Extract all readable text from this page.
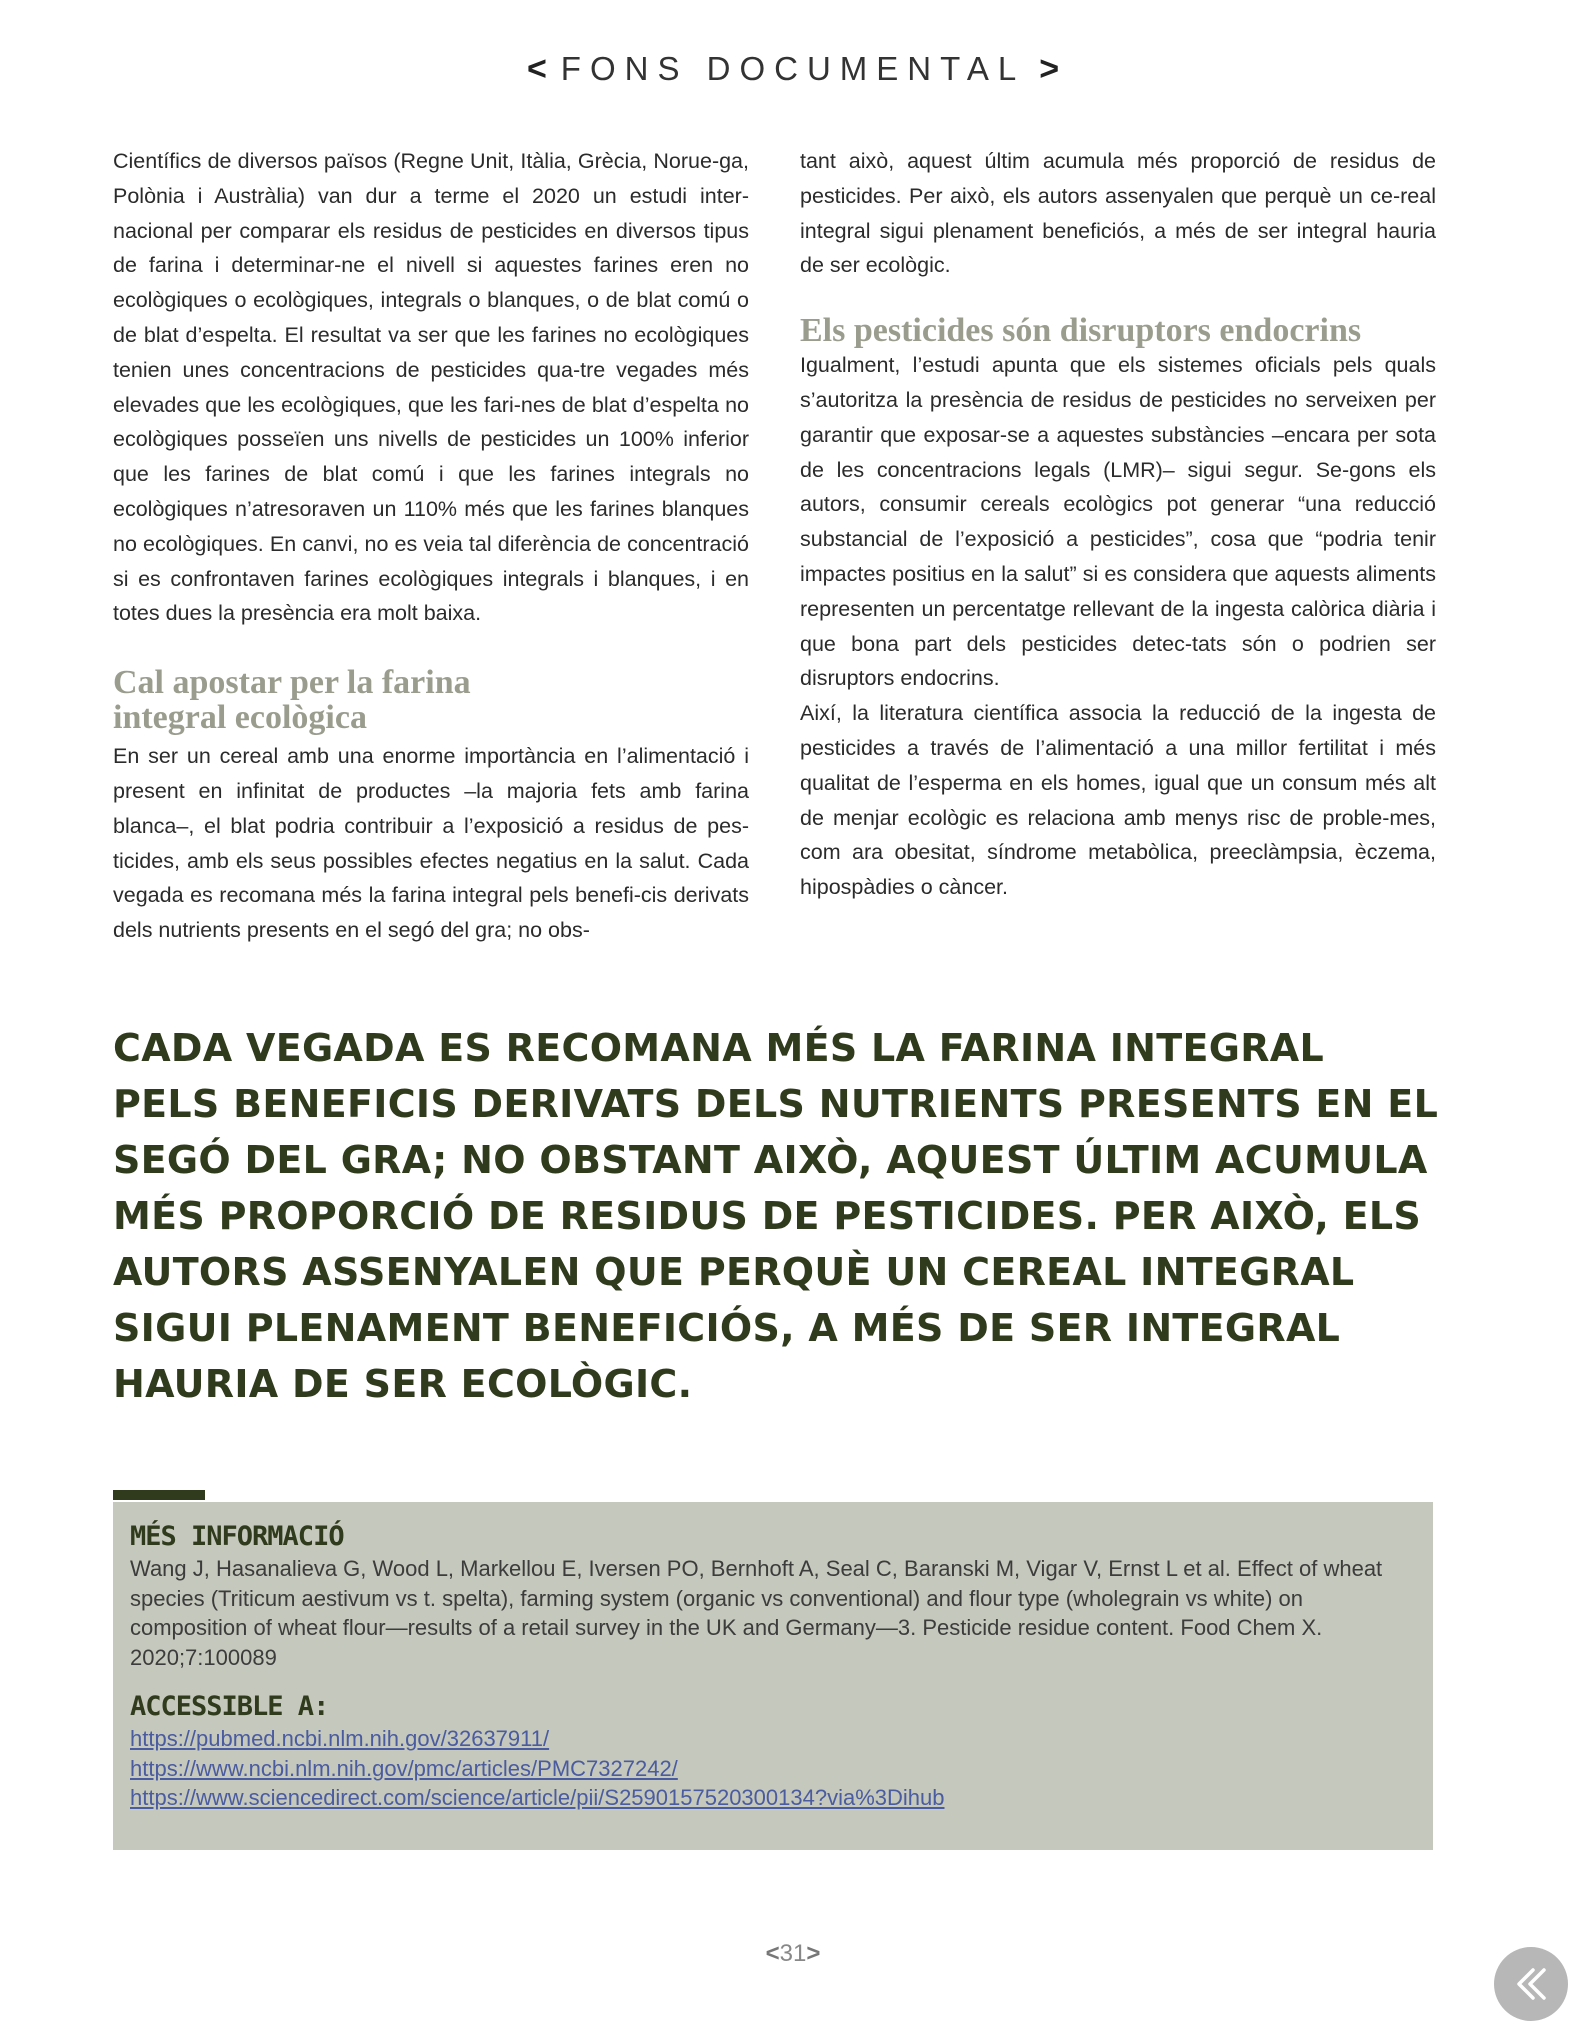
< FONS DOCUMENTAL >

Científics de diversos països (Regne Unit, Itàlia, Grècia, Norue-ga, Polònia i Austràlia) van dur a terme el 2020 un estudi inter-nacional per comparar els residus de pesticides en diversos tipus de farina i determinar-ne el nivell si aquestes farines eren no ecològiques o ecològiques, integrals o blanques, o de blat comú o de blat d’espelta. El resultat va ser que les farines no ecològiques tenien unes concentracions de pesticides qua-tre vegades més elevades que les ecològiques, que les fari-nes de blat d’espelta no ecològiques posseïen uns nivells de pesticides un 100% inferior que les farines de blat comú i que les farines integrals no ecològiques n’atresoraven un 110% més que les farines blanques no ecològiques. En canvi, no es veia tal diferència de concentració si es confrontaven farines ecològiques integrals i blanques, i en totes dues la presència era molt baixa.

Cal apostar per la farina
integral ecològica

En ser un cereal amb una enorme importància en l’alimentació i present en infinitat de productes –la majoria fets amb farina blanca–, el blat podria contribuir a l’exposició a residus de pes-ticides, amb els seus possibles efectes negatius en la salut. Cada vegada es recomana més la farina integral pels benefi-cis derivats dels nutrients presents en el segó del gra; no obs-

tant això, aquest últim acumula més proporció de residus de pesticides. Per això, els autors assenyalen que perquè un ce-real integral sigui plenament beneficiós, a més de ser integral hauria de ser ecològic.

Els pesticides són disruptors endocrins

Igualment, l’estudi apunta que els sistemes oficials pels quals s’autoritza la presència de residus de pesticides no serveixen per garantir que exposar-se a aquestes substàncies –encara per sota de les concentracions legals (LMR)– sigui segur. Se-gons els autors, consumir cereals ecològics pot generar “una reducció substancial de l’exposició a pesticides”, cosa que “podria tenir impactes positius en la salut” si es considera que aquests aliments representen un percentatge rellevant de la ingesta calòrica diària i que bona part dels pesticides detec-tats són o podrien ser disruptors endocrins.

Així, la literatura científica associa la reducció de la ingesta de pesticides a través de l’alimentació a una millor fertilitat i més qualitat de l’esperma en els homes, igual que un consum més alt de menjar ecològic es relaciona amb menys risc de proble-mes, com ara obesitat, síndrome metabòlica, preeclàmpsia, èczema, hipospàdies o càncer.

CADA VEGADA ES RECOMANA MÉS LA FARINA INTEGRAL
PELS BENEFICIS DERIVATS DELS NUTRIENTS PRESENTS EN EL
SEGÓ DEL GRA; NO OBSTANT AIXÒ, AQUEST ÚLTIM ACUMULA
MÉS PROPORCIÓ DE RESIDUS DE PESTICIDES. PER AIXÒ, ELS
AUTORS ASSENYALEN QUE PERQUÈ UN CEREAL INTEGRAL
SIGUI PLENAMENT BENEFICIÓS, A MÉS DE SER INTEGRAL
HAURIA DE SER ECOLÒGIC.
MÉS INFORMACIÓ

Wang J, Hasanalieva G, Wood L, Markellou E, Iversen PO, Bernhoft A, Seal C, Baranski M, Vigar V, Ernst L et al. Effect of wheat species (Triticum aestivum vs t. spelta), farming system (organic vs conventional) and flour type (wholegrain vs white) on composition of wheat flour—results of a retail survey in the UK and Germany—3. Pesticide residue content. Food Chem X. 2020;7:100089

ACCESSIBLE A:
https://pubmed.ncbi.nlm.nih.gov/32637911/
https://www.ncbi.nlm.nih.gov/pmc/articles/PMC7327242/
https://www.sciencedirect.com/science/article/pii/S2590157520300134?via%3Dihub
<31>
